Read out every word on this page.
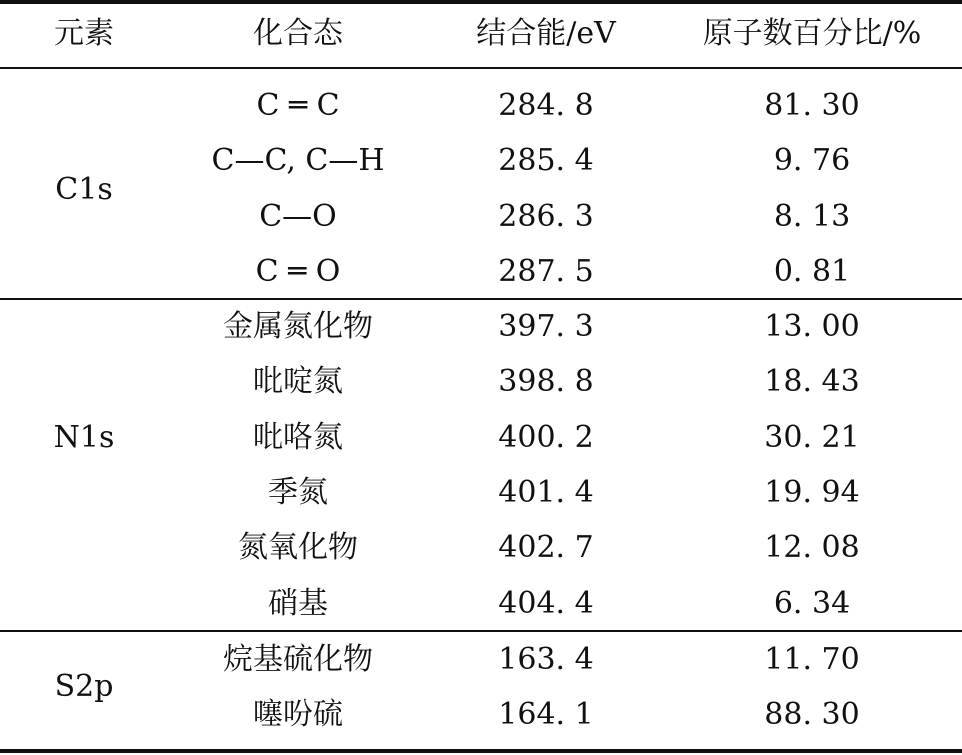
元素	化合态	结合能/eV	原子数百分比/%
C1s
C ═ C	284. 8	81. 30
C—C, C—H	285. 4	9. 76
C—O	286. 3	8. 13
C ═ O	287. 5	0. 81
N1s
金属氮化物	397. 3	13. 00
吡啶氮	398. 8	18. 43
吡咯氮	400. 2	30. 21
季氮	401. 4	19. 94
氮氧化物	402. 7	12. 08
硝基	404. 4	6. 34
S2p
烷基硫化物	163. 4	11. 70
噻吩硫	164. 1	88. 30
